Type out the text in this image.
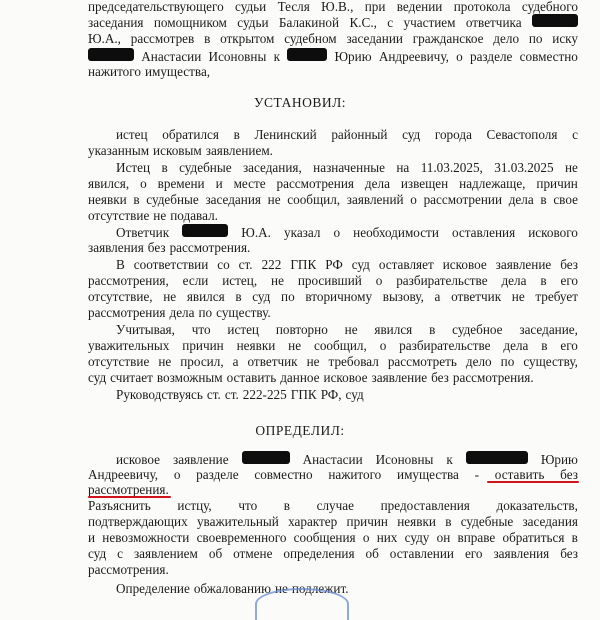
председательствующего судьи Тесля Ю.В., при ведении протокола судебного
заседания помощником судьи Балакиной К.С., с участием ответчика
Ю.А., рассмотрев в открытом судебном заседании гражданское дело по иску
Анастасии Исоновны к	Юрию Андреевичу, о разделе совместно
нажитого имущества,
истец обратился в Ленинский районный суд города Севастополя с
указанным исковым заявлением.
Истец в судебные заседания, назначенные на 11.03.2025, 31.03.2025 не
явился, о времени и месте рассмотрения дела извещен надлежаще, причин
неявки в судебные заседания не сообщил, заявлений о рассмотрении дела в свое
отсутствие не подавал.
Ответчик	Ю.А. указал о необходимости оставления искового
заявления без рассмотрения.
В соответствии со ст. 222 ГПК РФ суд оставляет исковое заявление без
рассмотрения, если истец, не просивший о разбирательстве дела в его
отсутствие, не явился в суд по вторичному вызову, а ответчик не требует
рассмотрения дела по существу.
Учитывая, что истец повторно не явился в судебное заседание,
уважительных причин неявки не сообщил, о разбирательстве дела в его
отсутствие не просил, а ответчик не требовал рассмотреть дело по существу,
суд считает возможным оставить данное исковое заявление без рассмотрения.
Руководствуясь ст. ст. 222-225 ГПК РФ, суд
исковое заявление	Анастасии Исоновны к	Юрию
Андреевичу, о разделе совместно нажитого имущества - оставить без
рассмотрения.
Разъяснить истцу, что в случае предоставления доказательств,
подтверждающих уважительный характер причин неявки в судебные заседания
и невозможности своевременного сообщения о них суду он вправе обратиться в
суд с заявлением об отмене определения об оставлении его заявления без
рассмотрения.
Определение обжалованию не подлежит.
УСТАНОВИЛ:
ОПРЕДЕЛИЛ:
